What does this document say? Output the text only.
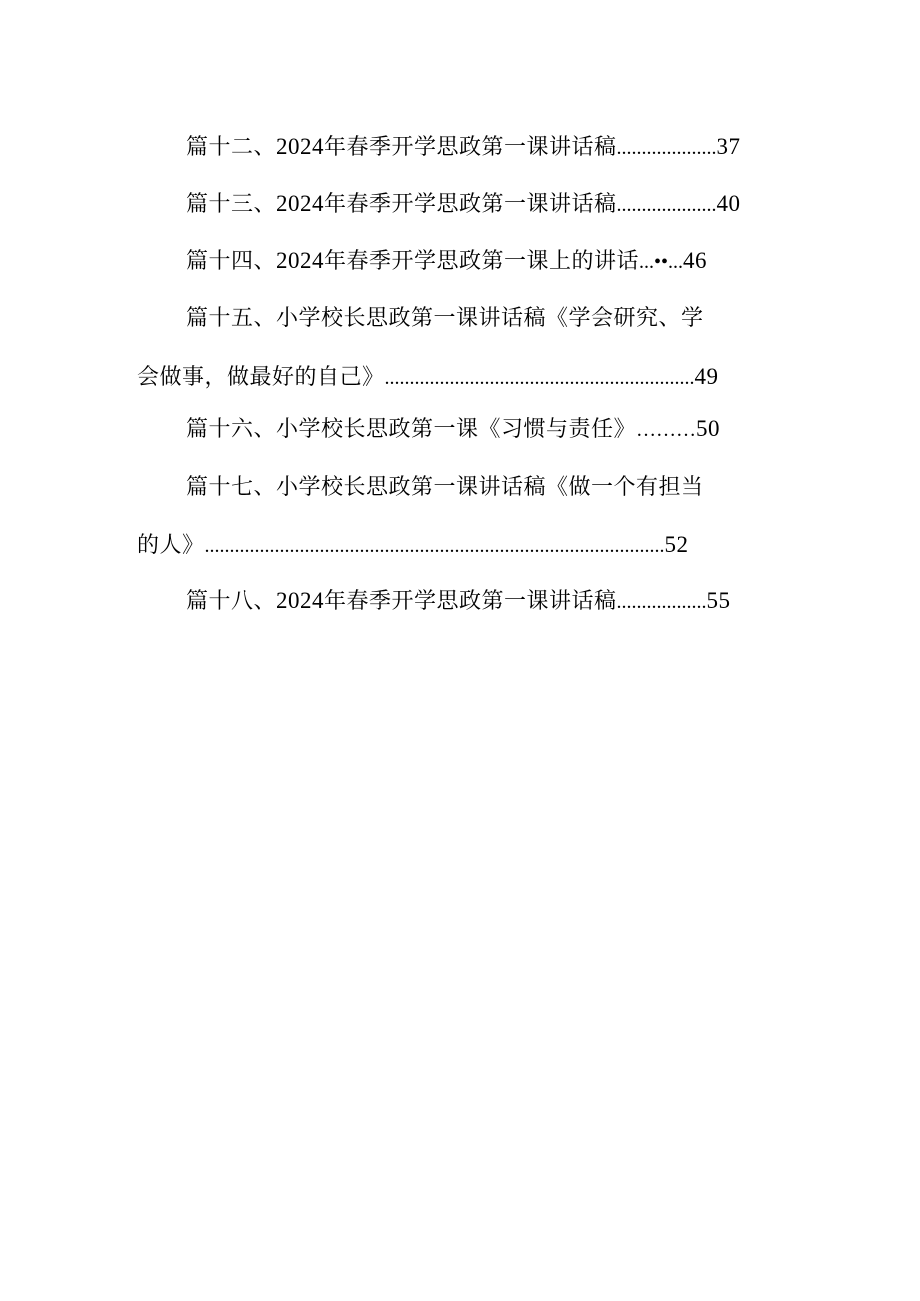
篇十二、2024年春季开学思政第一课讲话稿....................37
篇十三、2024年春季开学思政第一课讲话稿....................40
篇十四、2024年春季开学思政第一课上的讲话...••...46
篇十五、小学校长思政第一课讲话稿《学会研究、学
会做事，做最好的自己》..............................................................49
篇十六、小学校长思政第一课《习惯与责任》………50
篇十七、小学校长思政第一课讲话稿《做一个有担当
的人》............................................................................................52
篇十八、2024年春季开学思政第一课讲话稿..................55
